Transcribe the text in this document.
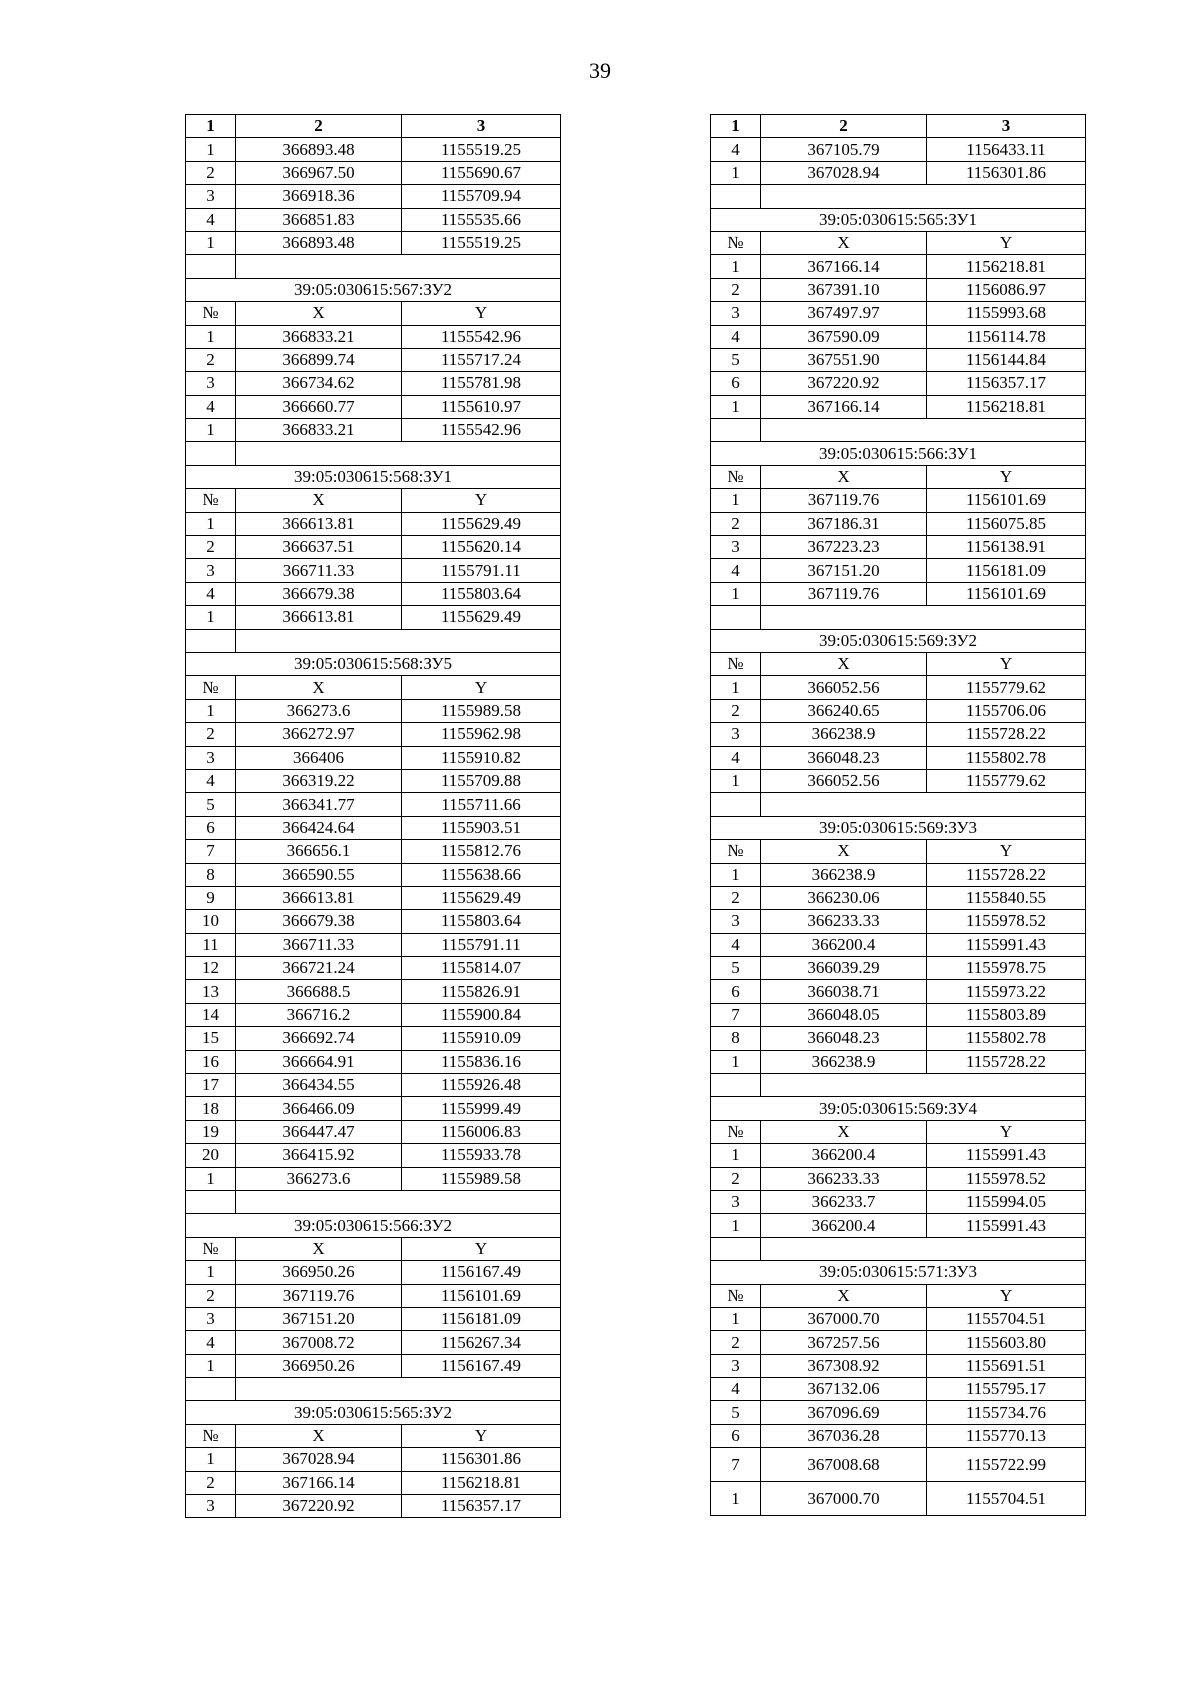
39
1	2	3
1	366893.48	1155519.25
2	366967.50	1155690.67
3	366918.36	1155709.94
4	366851.83	1155535.66
1	366893.48	1155519.25

39:05:030615:567:ЗУ2		
№	X	Y
1	366833.21	1155542.96
2	366899.74	1155717.24
3	366734.62	1155781.98
4	366660.77	1155610.97
1	366833.21	1155542.96

39:05:030615:568:ЗУ1		
№	X	Y
1	366613.81	1155629.49
2	366637.51	1155620.14
3	366711.33	1155791.11
4	366679.38	1155803.64
1	366613.81	1155629.49

39:05:030615:568:ЗУ5		
№	X	Y
1	366273.6	1155989.58
2	366272.97	1155962.98
3	366406	1155910.82
4	366319.22	1155709.88
5	366341.77	1155711.66
6	366424.64	1155903.51
7	366656.1	1155812.76
8	366590.55	1155638.66
9	366613.81	1155629.49
10	366679.38	1155803.64
11	366711.33	1155791.11
12	366721.24	1155814.07
13	366688.5	1155826.91
14	366716.2	1155900.84
15	366692.74	1155910.09
16	366664.91	1155836.16
17	366434.55	1155926.48
18	366466.09	1155999.49
19	366447.47	1156006.83
20	366415.92	1155933.78
1	366273.6	1155989.58

39:05:030615:566:ЗУ2		
№	X	Y
1	366950.26	1156167.49
2	367119.76	1156101.69
3	367151.20	1156181.09
4	367008.72	1156267.34
1	366950.26	1156167.49

39:05:030615:565:ЗУ2		
№	X	Y
1	367028.94	1156301.86
2	367166.14	1156218.81
3	367220.92	1156357.17
1	2	3
4	367105.79	1156433.11
1	367028.94	1156301.86

39:05:030615:565:ЗУ1		
№	X	Y
1	367166.14	1156218.81
2	367391.10	1156086.97
3	367497.97	1155993.68
4	367590.09	1156114.78
5	367551.90	1156144.84
6	367220.92	1156357.17
1	367166.14	1156218.81

39:05:030615:566:ЗУ1		
№	X	Y
1	367119.76	1156101.69
2	367186.31	1156075.85
3	367223.23	1156138.91
4	367151.20	1156181.09
1	367119.76	1156101.69

39:05:030615:569:ЗУ2		
№	X	Y
1	366052.56	1155779.62
2	366240.65	1155706.06
3	366238.9	1155728.22
4	366048.23	1155802.78
1	366052.56	1155779.62

39:05:030615:569:ЗУ3		
№	X	Y
1	366238.9	1155728.22
2	366230.06	1155840.55
3	366233.33	1155978.52
4	366200.4	1155991.43
5	366039.29	1155978.75
6	366038.71	1155973.22
7	366048.05	1155803.89
8	366048.23	1155802.78
1	366238.9	1155728.22

39:05:030615:569:ЗУ4		
№	X	Y
1	366200.4	1155991.43
2	366233.33	1155978.52
3	366233.7	1155994.05
1	366200.4	1155991.43

39:05:030615:571:ЗУ3		
№	X	Y
1	367000.70	1155704.51
2	367257.56	1155603.80
3	367308.92	1155691.51
4	367132.06	1155795.17
5	367096.69	1155734.76
6	367036.28	1155770.13
7	367008.68	1155722.99
1	367000.70	1155704.51
